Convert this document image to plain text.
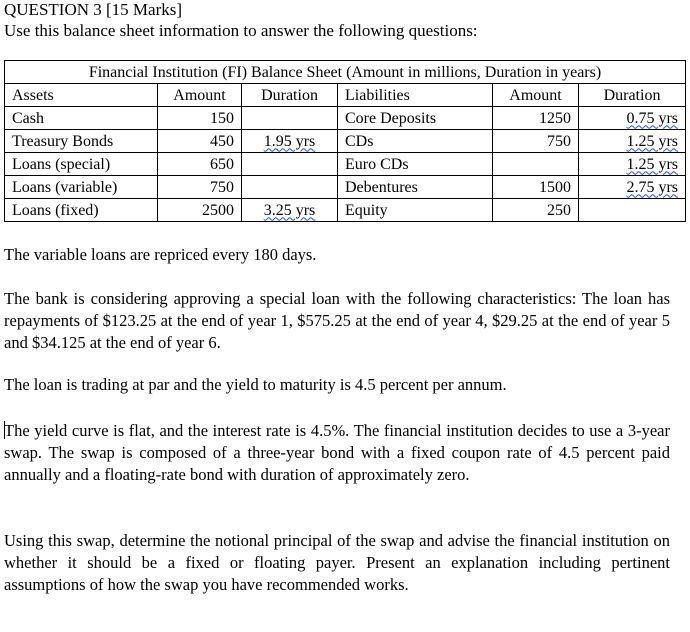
QUESTION 3 [15 Marks]
Use this balance sheet information to answer the following questions:
Financial Institution (FI) Balance Sheet (Amount in millions, Duration in years)					
Assets	Amount	Duration	Liabilities	Amount	Duration
Cash	150		Core Deposits	1250	0.75 yrs
Treasury Bonds	450	1.95 yrs	CDs	750	1.25 yrs
Loans (special)	650		Euro CDs		1.25 yrs
Loans (variable)	750		Debentures	1500	2.75 yrs
Loans (fixed)	2500	3.25 yrs	Equity	250	
The variable loans are repriced every 180 days.
The bank is considering approving a special loan with the following characteristics: The loan has repayments of $123.25 at the end of year 1, $575.25 at the end of year 4, $29.25 at the end of year 5 and $34.125 at the end of year 6.
The loan is trading at par and the yield to maturity is 4.5 percent per annum.
The yield curve is flat, and the interest rate is 4.5%. The financial institution decides to use a 3-year swap. The swap is composed of a three-year bond with a fixed coupon rate of 4.5 percent paid annually and a floating-rate bond with duration of approximately zero.
Using this swap, determine the notional principal of the swap and advise the financial institution on whether it should be a fixed or floating payer. Present an explanation including pertinent assumptions of how the swap you have recommended works.
